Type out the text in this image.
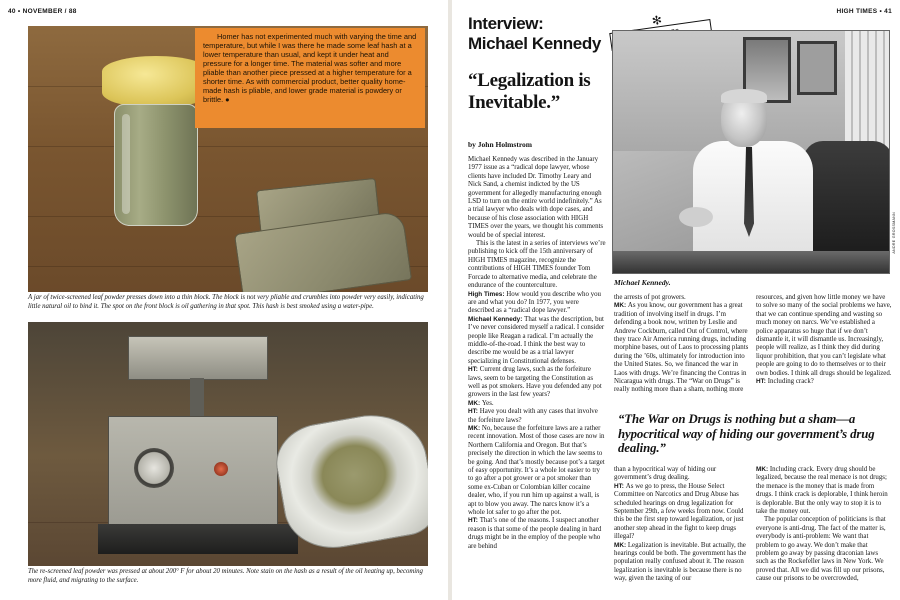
40 • NOVEMBER / 88
Homer has not experimented much with varying the time and temperature, but while I was there he made some leaf hash at a lower temperature than usual, and kept it under heat and pressure for a longer time. The material was softer and more pliable than another piece pressed at a higher temperature for a shorter time. As with commercial product, better quality home-made hash is pliable, and lower grade material is powdery or brittle. ●
A jar of twice-screened leaf powder presses down into a thin block. The block is not very pliable and crumbles into powder very easily, indicating little natural oil to bind it. The spot on the front block is oil gathering in that spot. This hash is best smoked using a water-pipe.
The re-screened leaf powder was pressed at about 200° F for about 20 minutes. Note stain on the hash as a result of the oil heating up, becoming more fluid, and migrating to the surface.
HIGH TIMES • 41
Interview:
Michael Kennedy
✻
“Legalization is Inevitable.”
by John Holmstrom
ANDRE GROSSMANN
Michael Kennedy.

Michael Kennedy was described in the January 1977 issue as a “radical dope lawyer, whose clients have included Dr. Timothy Leary and Nick Sand, a chemist indicted by the US government for allegedly manufacturing enough LSD to turn on the entire world indefinitely.” As a trial lawyer who deals with dope cases, and because of his close association with HIGH TIMES over the years, we thought his comments would be of special interest.

This is the latest in a series of interviews we’re publishing to kick off the 15th anniversary of HIGH TIMES magazine, recognize the contributions of HIGH TIMES founder Tom Forcade to alternative media, and celebrate the endurance of the counterculture.

High Times: How would you describe who you are and what you do? In 1977, you were described as a “radical dope lawyer.”

Michael Kennedy: That was the description, but I’ve never considered myself a radical. I consider people like Reagan a radical. I’m actually the middle-of-the-road. I think the best way to describe me would be as a trial lawyer specializing in Constitutional defenses.

HT: Current drug laws, such as the forfeiture laws, seem to be targeting the Constitution as well as pot smokers. Have you defended any pot growers in the last few years?

MK: Yes.

HT: Have you dealt with any cases that involve the forfeiture laws?

MK: No, because the forfeiture laws are a rather recent innovation. Most of those cases are now in Northern California and Oregon. But that’s precisely the direction in which the law seems to be going. And that’s mostly because pot’s a target of easy opportunity. It’s a whole lot easier to try to go after a pot grower or a pot smoker than some ex-Cuban or Colombian killer cocaine dealer, who, if you run him up against a wall, is apt to blow you away. The narcs know it’s a whole lot safer to go after the pot.

HT: That’s one of the reasons. I suspect another reason is that some of the people dealing in hard drugs might be in the employ of the people who are behind

the arrests of pot growers.

MK: As you know, our government has a great tradition of involving itself in drugs. I’m defending a book now, written by Leslie and Andrew Cockburn, called Out of Control, where they trace Air America running drugs, including morphine bases, out of Laos to processing plants during the ’60s, ultimately for introduction into the United States. So, we financed the war in Laos with drugs. We’re financing the Contras in Nicaragua with drugs. The “War on Drugs” is really nothing more than a sham, nothing more

resources, and given how little money we have to solve so many of the social problems we have, that we can continue spending and wasting so much money on narcs. We’ve established a police apparatus so huge that if we don’t dismantle it, it will dismantle us. Increasingly, people will realize, as I think they did during liquor prohibition, that you can’t legislate what people are going to do to themselves or to their own bodies. I think all drugs should be legalized.

HT: Including crack?

“The War on Drugs is nothing but a sham—a hypocritical way of hiding our government’s drug dealing.”

than a hypocritical way of hiding our government’s drug dealing.

HT: As we go to press, the House Select Committee on Narcotics and Drug Abuse has scheduled hearings on drug legalization for September 29th, a few weeks from now. Could this be the first step toward legalization, or just another step ahead in the fight to keep drugs illegal?

MK: Legalization is inevitable. But actually, the hearings could be both. The government has the population really confused about it. The reason legalization is inevitable is because there is no way, given the taxing of our

MK: Including crack. Every drug should be legalized, because the real menace is not drugs; the menace is the money that is made from drugs. I think crack is deplorable, I think heroin is deplorable. But the only way to stop it is to take the money out.

The popular conception of politicians is that everyone is anti-drug. The fact of the matter is, everybody is anti-problem: We want that problem to go away. We don’t make that problem go away by passing draconian laws such as the Rockefeller laws in New York. We proved that. All we did was fill up our prisons, cause our prisons to be overcrowded,
